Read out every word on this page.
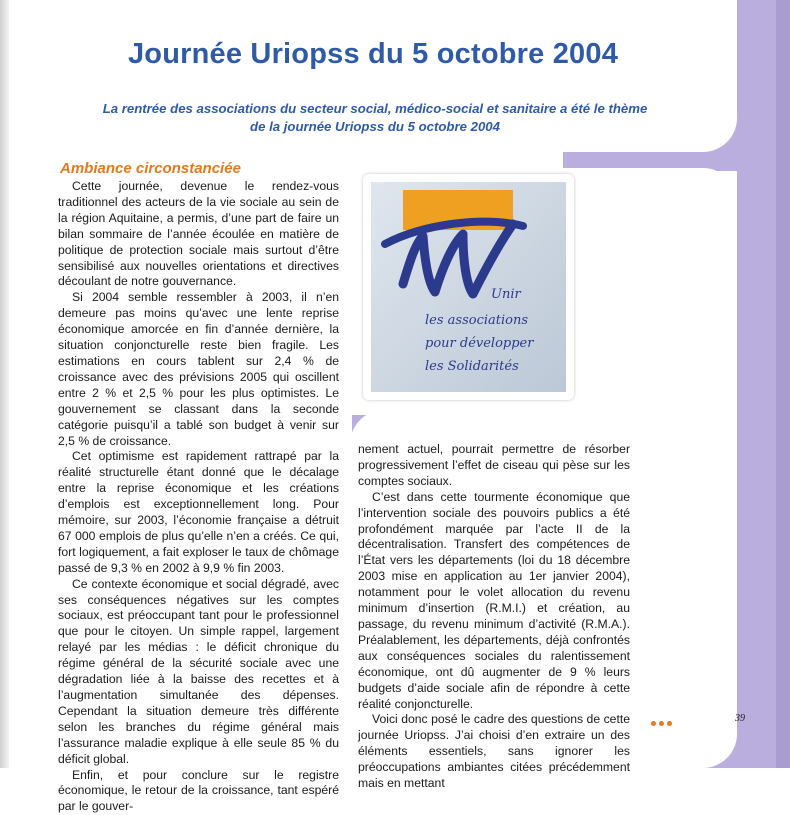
Journée Uriopss du 5 octobre 2004
La rentrée des associations du secteur social, médico-social et sanitaire a été le thème
de la journée Uriopss du 5 octobre 2004
Ambiance circonstanciée

Cette journée, devenue le rendez-vous traditionnel des acteurs de la vie sociale au sein de la région Aquitaine, a permis, d’une part de faire un bilan sommaire de l’année écoulée en matière de politique de protection sociale mais surtout d’être sensibilisé aux nouvelles orientations et directives découlant de notre gouvernance.

Si 2004 semble ressembler à 2003, il n’en demeure pas moins qu’avec une lente reprise économique amorcée en fin d’année dernière, la situation conjoncturelle reste bien fragile. Les estimations en cours tablent sur 2,4 % de croissance avec des prévisions 2005 qui oscillent entre 2 % et 2,5 % pour les plus optimistes. Le gouvernement se classant dans la seconde catégorie puisqu’il a tablé son budget à venir sur 2,5 % de croissance.

Cet optimisme est rapidement rattrapé par la réalité structurelle étant donné que le décalage entre la reprise économique et les créations d’emplois est exceptionnellement long. Pour mémoire, sur 2003, l’économie française a détruit 67 000 emplois de plus qu’elle n’en a créés. Ce qui, fort logiquement, a fait exploser le taux de chômage passé de 9,3 % en 2002 à 9,9 % fin 2003.

Ce contexte économique et social dégradé, avec ses conséquences négatives sur les comptes sociaux, est préoccupant tant pour le professionnel que pour le citoyen. Un simple rappel, largement relayé par les médias : le déficit chronique du régime général de la sécurité sociale avec une dégradation liée à la baisse des recettes et à l’augmentation simultanée des dépenses. Cependant la situation demeure très différente selon les branches du régime général mais l’assurance maladie explique à elle seule 85 % du déficit global.

Enfin, et pour conclure sur le registre économique, le retour de la croissance, tant espéré par le gouver-

Unir
les associations
pour développer
les Solidarités

nement actuel, pourrait permettre de résorber progressivement l’effet de ciseau qui pèse sur les comptes sociaux.

C’est dans cette tourmente économique que l’intervention sociale des pouvoirs publics a été profondément marquée par l’acte II de la décentralisation. Transfert des compétences de l’État vers les départements (loi du 18 décembre 2003 mise en application au 1er janvier 2004), notamment pour le volet allocation du revenu minimum d’insertion (R.M.I.) et création, au passage, du revenu minimum d’activité (R.M.A.). Préalablement, les départements, déjà confrontés aux conséquences sociales du ralentissement économique, ont dû augmenter de 9 % leurs budgets d’aide sociale afin de répondre à cette réalité conjoncturelle.

Voici donc posé le cadre des questions de cette journée Uriopss. J’ai choisi d’en extraire un des éléments essentiels, sans ignorer les préoccupations ambiantes citées précédemment mais en mettant

39
